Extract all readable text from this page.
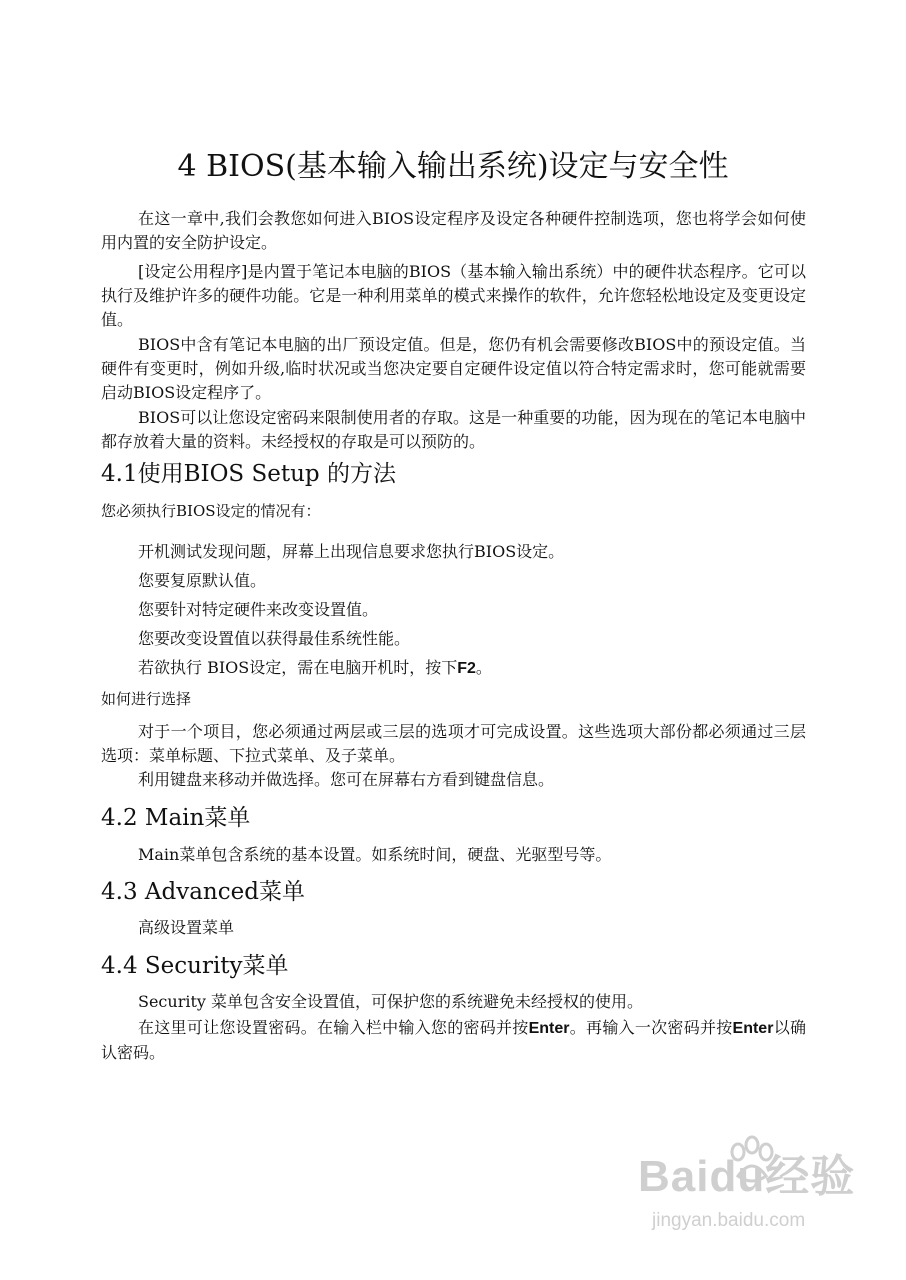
4 BIOS(基本输入输出系统)设定与安全性

在这一章中,我们会教您如何进入BIOS设定程序及设定各种硬件控制选项，您也将学会如何使用内置的安全防护设定。

[设定公用程序]是内置于笔记本电脑的BIOS（基本输入输出系统）中的硬件状态程序。它可以执行及维护许多的硬件功能。它是一种利用菜单的模式来操作的软件，允许您轻松地设定及变更设定值。

BIOS中含有笔记本电脑的出厂预设定值。但是，您仍有机会需要修改BIOS中的预设定值。当硬件有变更时，例如升级,临时状况或当您决定要自定硬件设定值以符合特定需求时，您可能就需要启动BIOS设定程序了。

BIOS可以让您设定密码来限制使用者的存取。这是一种重要的功能，因为现在的笔记本电脑中都存放着大量的资料。未经授权的存取是可以预防的。

4.1使用BIOS Setup 的方法

您必须执行BIOS设定的情况有：

开机测试发现问题，屏幕上出现信息要求您执行BIOS设定。

您要复原默认值。

您要针对特定硬件来改变设置值。

您要改变设置值以获得最佳系统性能。

若欲执行 BIOS设定，需在电脑开机时，按下F2。

如何进行选择

对于一个项目，您必须通过两层或三层的选项才可完成设置。这些选项大部份都必须通过三层选项：菜单标题、下拉式菜单、及子菜单。

利用键盘来移动并做选择。您可在屏幕右方看到键盘信息。

4.2 Main菜单

Main菜单包含系统的基本设置。如系统时间，硬盘、光驱型号等。

4.3 Advanced菜单

高级设置菜单

4.4 Security菜单

Security 菜单包含安全设置值，可保护您的系统避免未经授权的使用。

在这里可让您设置密码。在输入栏中输入您的密码并按Enter。再输入一次密码并按Enter以确认密码。

Baidu经验
jingyan.baidu.com
